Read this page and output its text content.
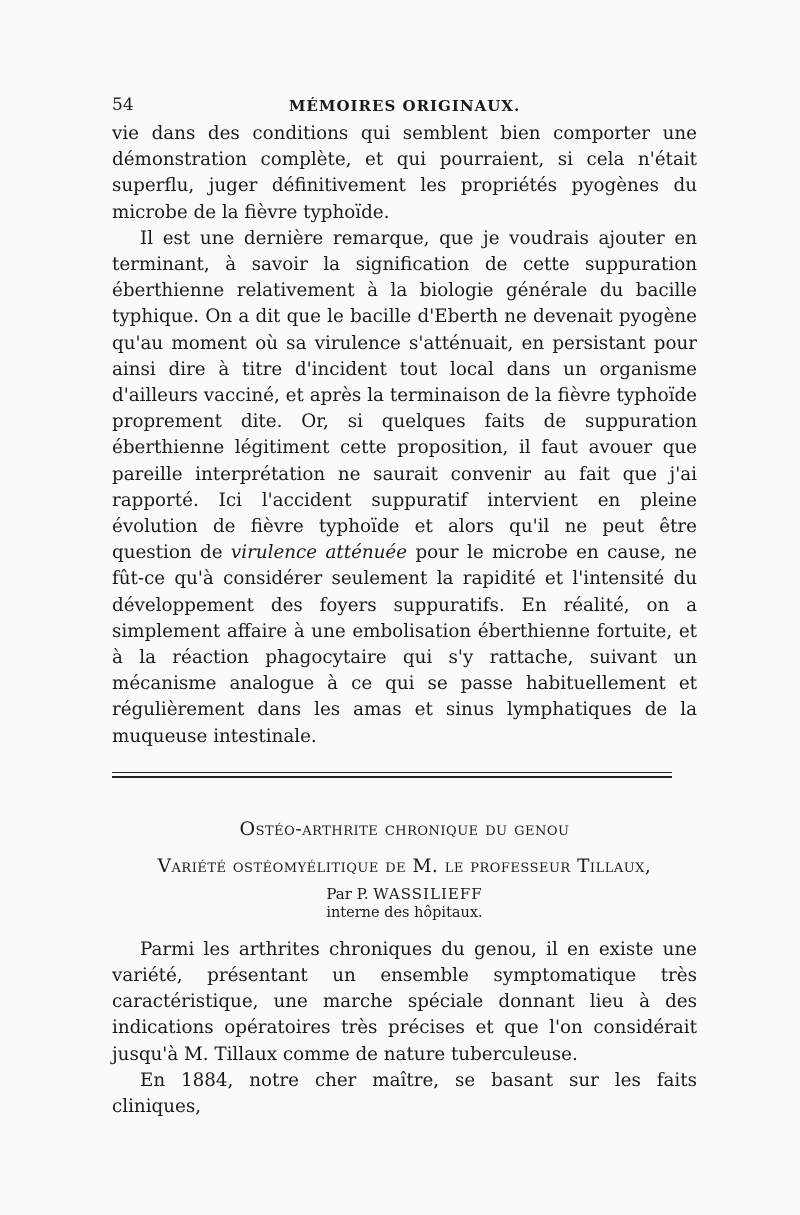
54	MÉMOIRES ORIGINAUX.

vie dans des conditions qui semblent bien comporter une démonstration complète, et qui pourraient, si cela n'était superflu, juger définitivement les propriétés pyogènes du microbe de la fièvre typhoïde.

Il est une dernière remarque, que je voudrais ajouter en terminant, à savoir la signification de cette suppuration éberthienne relativement à la biologie générale du bacille typhique. On a dit que le bacille d'Eberth ne devenait pyogène qu'au moment où sa virulence s'atténuait, en persistant pour ainsi dire à titre d'incident tout local dans un organisme d'ailleurs vacciné, et après la terminaison de la fièvre typhoïde proprement dite. Or, si quelques faits de suppuration éberthienne légitiment cette proposition, il faut avouer que pareille interprétation ne saurait convenir au fait que j'ai rapporté. Ici l'accident suppuratif intervient en pleine évolution de fièvre typhoïde et alors qu'il ne peut être question de virulence atténuée pour le microbe en cause, ne fût-ce qu'à considérer seulement la rapidité et l'intensité du développement des foyers suppuratifs. En réalité, on a simplement affaire à une embolisation éberthienne fortuite, et à la réaction phagocytaire qui s'y rattache, suivant un mécanisme analogue à ce qui se passe habituellement et régulièrement dans les amas et sinus lymphatiques de la muqueuse intestinale.

Ostéo-arthrite chronique du genou
Variété ostéomyélitique de M. le professeur Tillaux,
Par P. WASSILIEFF
interne des hôpitaux.

Parmi les arthrites chroniques du genou, il en existe une variété, présentant un ensemble symptomatique très caractéristique, une marche spéciale donnant lieu à des indications opératoires très précises et que l'on considérait jusqu'à M. Tillaux comme de nature tuberculeuse.

En 1884, notre cher maître, se basant sur les faits cliniques,
